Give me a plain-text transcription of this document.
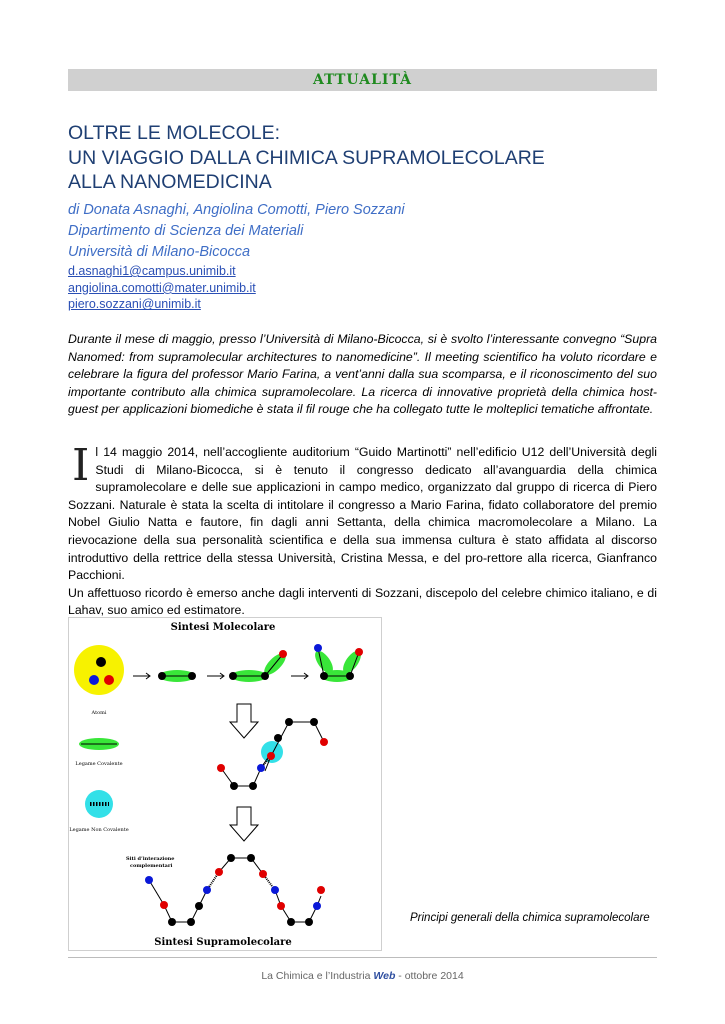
ATTUALITÀ
OLTRE LE MOLECOLE:
UN VIAGGIO DALLA CHIMICA SUPRAMOLECOLARE
ALLA NANOMEDICINA
di Donata Asnaghi, Angiolina Comotti, Piero Sozzani
Dipartimento di Scienza dei Materiali
Università di Milano-Bicocca
d.asnaghi1@campus.unimib.it
angiolina.comotti@mater.unimib.it
piero.sozzani@unimib.it
Durante il mese di maggio, presso l’Università di Milano-Bicocca, si è svolto l’interessante convegno “Supra Nanomed: from supramolecular architectures to nanomedicine”. Il meeting scientifico ha voluto ricordare e celebrare la figura del professor Mario Farina, a vent’anni dalla sua scomparsa, e il riconoscimento del suo importante contributo alla chimica supramolecolare. La ricerca di innovative proprietà della chimica host-guest per applicazioni biomediche è stata il fil rouge che ha collegato tutte le molteplici tematiche affrontate.
I l 14 maggio 2014, nell’accogliente auditorium “Guido Martinotti” nell’edificio U12 dell’Università degli Studi di Milano-Bicocca, si è tenuto il congresso dedicato all’avanguardia della chimica supramolecolare e delle sue applicazioni in campo medico, organizzato dal gruppo di ricerca di Piero Sozzani. Naturale è stata la scelta di intitolare il congresso a Mario Farina, fidato collaboratore del premio Nobel Giulio Natta e fautore, fin dagli anni Settanta, della chimica macromolecolare a Milano. La rievocazione della sua personalità scientifica e della sua immensa cultura è stato affidata al discorso introduttivo della rettrice della stessa Università, Cristina Messa, e del pro-rettore alla ricerca, Gianfranco Pacchioni.
Un affettuoso ricordo è emerso anche dagli interventi di Sozzani, discepolo del celebre chimico italiano, e di Lahav, suo amico ed estimatore.
Sintesi Molecolare
Atomi
Legame Covalente
Legame Non Covalente
Siti d’interazione
complementari
Sintesi Supramolecolare
Principi generali della chimica supramolecolare
La Chimica e l’Industria Web - ottobre 2014
